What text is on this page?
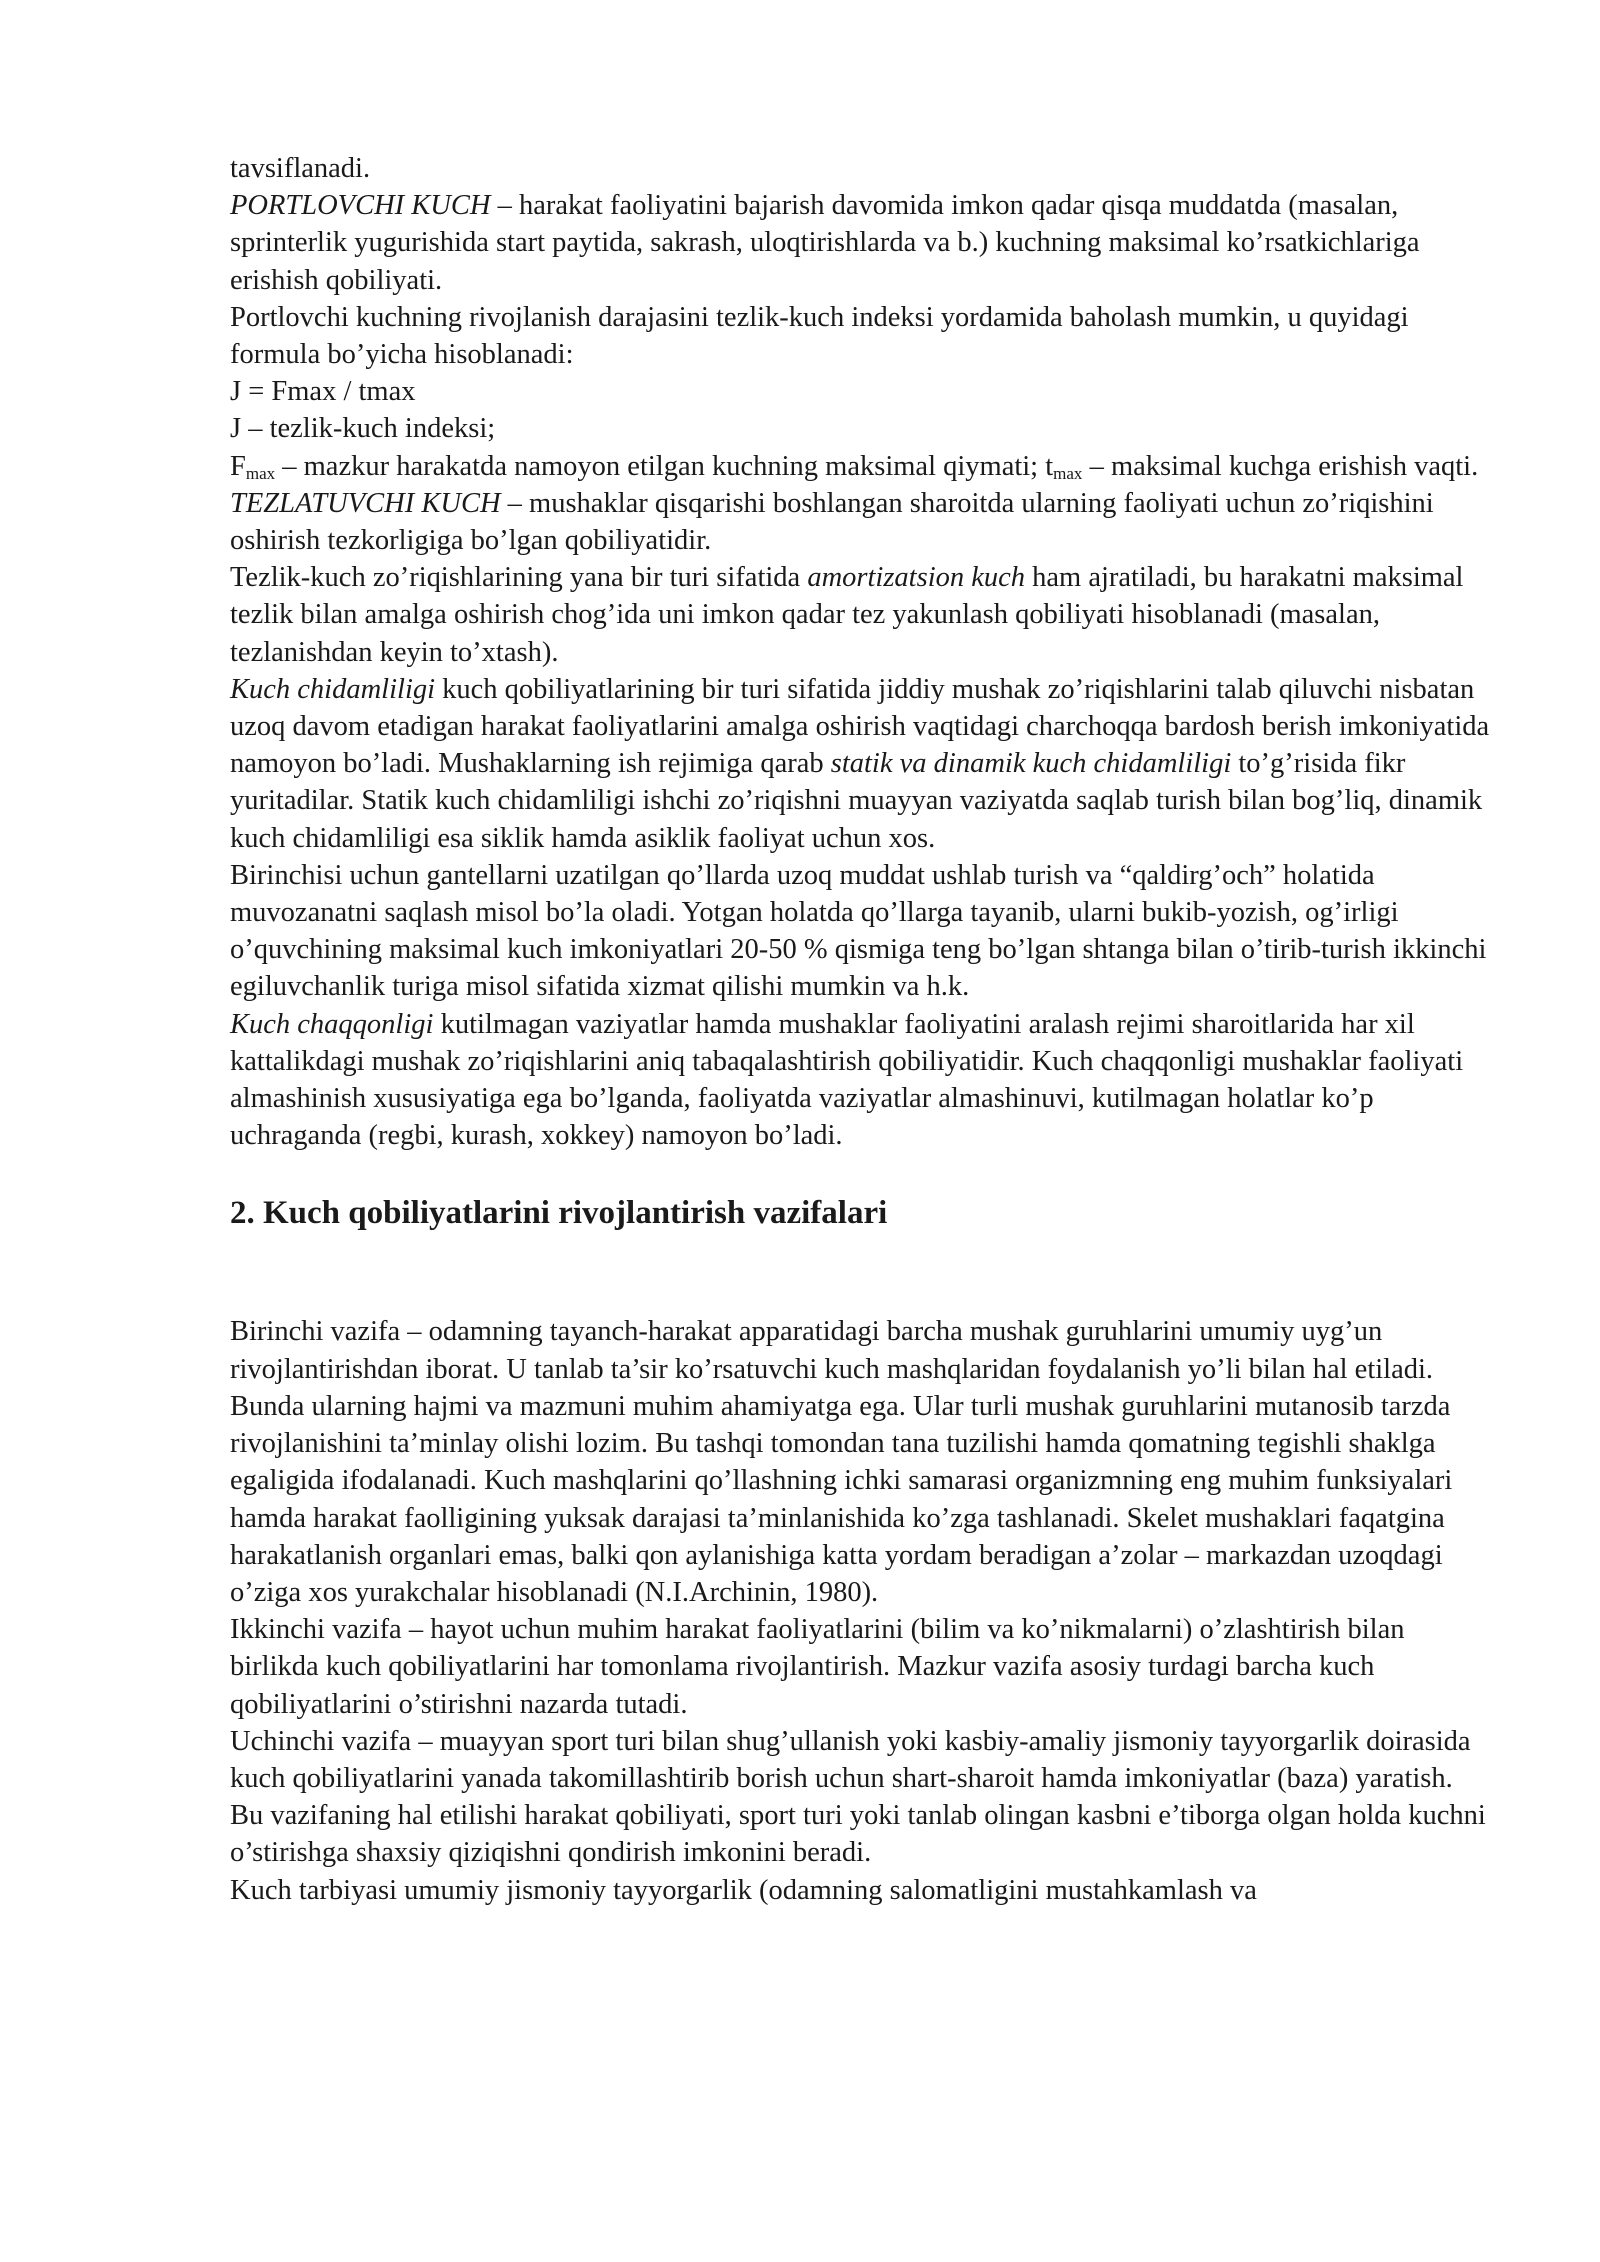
tavsiflanadi.

PORTLOVCHI KUCH – harakat faoliyatini bajarish davomida imkon qadar qisqa muddatda (masalan, sprinterlik yugurishida start paytida, sakrash, uloqtirishlarda va b.) kuchning maksimal ko’rsatkichlariga erishish qobiliyati.

Portlovchi kuchning rivojlanish darajasini tezlik-kuch indeksi yordamida baholash mumkin, u quyidagi formula bo’yicha hisoblanadi:

J = Fmax / tmax

J – tezlik-kuch indeksi;

$F_{max}$ – mazkur harakatda namoyon etilgan kuchning maksimal qiymati; $t_{max}$ – maksimal kuchga erishish vaqti.

TEZLATUVCHI KUCH – mushaklar qisqarishi boshlangan sharoitda ularning faoliyati uchun zo’riqishini oshirish tezkorligiga bo’lgan qobiliyatidir.

Tezlik-kuch zo’riqishlarining yana bir turi sifatida amortizatsion kuch ham ajratiladi, bu harakatni maksimal tezlik bilan amalga oshirish chog’ida uni imkon qadar tez yakunlash qobiliyati hisoblanadi (masalan, tezlanishdan keyin to’xtash).

Kuch chidamliligi kuch qobiliyatlarining bir turi sifatida jiddiy mushak zo’riqishlarini talab qiluvchi nisbatan uzoq davom etadigan harakat faoliyatlarini amalga oshirish vaqtidagi charchoqqa bardosh berish imkoniyatida namoyon bo’ladi. Mushaklarning ish rejimiga qarab statik va dinamik kuch chidamliligi to’g’risida fikr yuritadilar. Statik kuch chidamliligi ishchi zo’riqishni muayyan vaziyatda saqlab turish bilan bog’liq, dinamik kuch chidamliligi esa siklik hamda asiklik faoliyat uchun xos.

Birinchisi uchun gantellarni uzatilgan qo’llarda uzoq muddat ushlab turish va “qaldirg’och” holatida muvozanatni saqlash misol bo’la oladi. Yotgan holatda qo’llarga tayanib, ularni bukib-yozish, og’irligi o’quvchining maksimal kuch imkoniyatlari 20-50 % qismiga teng bo’lgan shtanga bilan o’tirib-turish ikkinchi egiluvchanlik turiga misol sifatida xizmat qilishi mumkin va h.k.

Kuch chaqqonligi kutilmagan vaziyatlar hamda mushaklar faoliyatini aralash rejimi sharoitlarida har xil kattalikdagi mushak zo’riqishlarini aniq tabaqalashtirish qobiliyatidir. Kuch chaqqonligi mushaklar faoliyati almashinish xususiyatiga ega bo’lganda, faoliyatda vaziyatlar almashinuvi, kutilmagan holatlar ko’p uchraganda (regbi, kurash, xokkey) namoyon bo’ladi.

2. Kuch qobiliyatlarini rivojlantirish vazifalari

Birinchi vazifa – odamning tayanch-harakat apparatidagi barcha mushak guruhlarini umumiy uyg’un rivojlantirishdan iborat. U tanlab ta’sir ko’rsatuvchi kuch mashqlaridan foydalanish yo’li bilan hal etiladi. Bunda ularning hajmi va mazmuni muhim ahamiyatga ega. Ular turli mushak guruhlarini mutanosib tarzda rivojlanishini ta’minlay olishi lozim. Bu tashqi tomondan tana tuzilishi hamda qomatning tegishli shaklga egaligida ifodalanadi. Kuch mashqlarini qo’llashning ichki samarasi organizmning eng muhim funksiyalari hamda harakat faolligining yuksak darajasi ta’minlanishida ko’zga tashlanadi. Skelet mushaklari faqatgina harakatlanish organlari emas, balki qon aylanishiga katta yordam beradigan a’zolar – markazdan uzoqdagi o’ziga xos yurakchalar hisoblanadi (N.I.Archinin, 1980).

Ikkinchi vazifa – hayot uchun muhim harakat faoliyatlarini (bilim va ko’nikmalarni) o’zlashtirish bilan birlikda kuch qobiliyatlarini har tomonlama rivojlantirish. Mazkur vazifa asosiy turdagi barcha kuch qobiliyatlarini o’stirishni nazarda tutadi.

Uchinchi vazifa – muayyan sport turi bilan shug’ullanish yoki kasbiy-amaliy jismoniy tayyorgarlik doirasida kuch qobiliyatlarini yanada takomillashtirib borish uchun shart-sharoit hamda imkoniyatlar (baza) yaratish.

Bu vazifaning hal etilishi harakat qobiliyati, sport turi yoki tanlab olingan kasbni e’tiborga olgan holda kuchni o’stirishga shaxsiy qiziqishni qondirish imkonini beradi.

Kuch tarbiyasi umumiy jismoniy tayyorgarlik (odamning salomatligini mustahkamlash va
